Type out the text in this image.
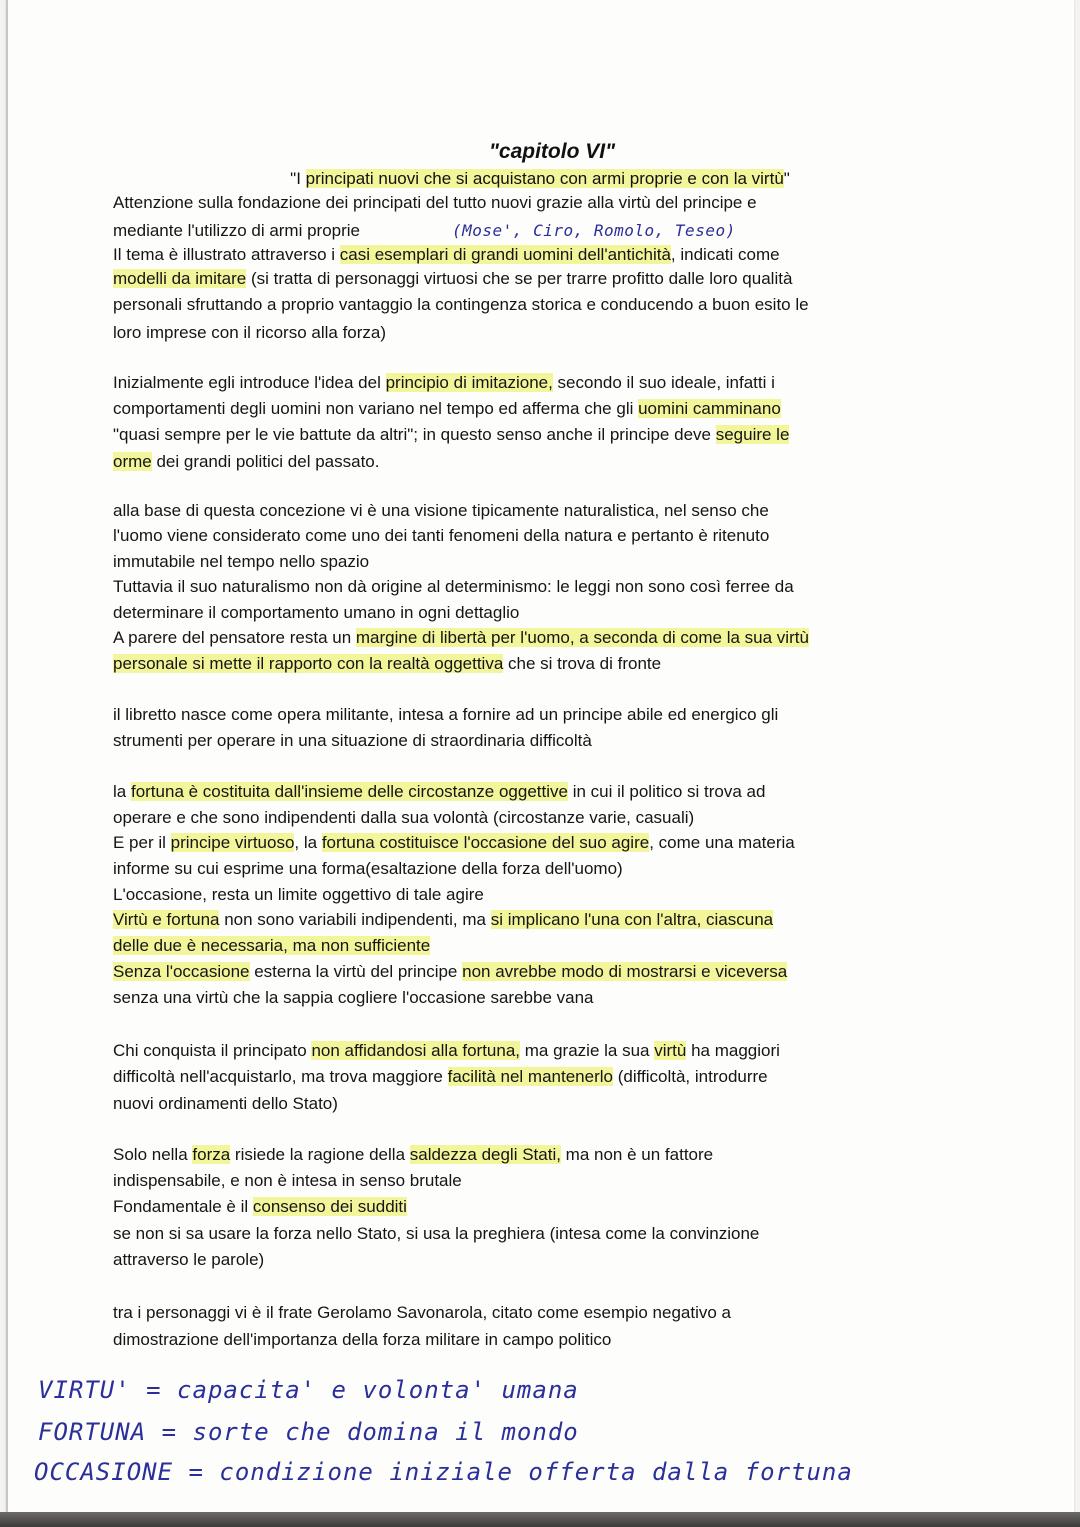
"capitolo VI"
"I principati nuovi che si acquistano con armi proprie e con la virtù"
Attenzione sulla fondazione dei principati del tutto nuovi grazie alla virtù del principe e
mediante l'utilizzo di armi proprie	(Mose', Ciro, Romolo, Teseo)
Il tema è illustrato attraverso i casi esemplari di grandi uomini dell'antichità, indicati come
modelli da imitare (si tratta di personaggi virtuosi che se per trarre profitto dalle loro qualità
personali sfruttando a proprio vantaggio la contingenza storica e conducendo a buon esito le
loro imprese con il ricorso alla forza)
Inizialmente egli introduce l'idea del principio di imitazione, secondo il suo ideale, infatti i
comportamenti degli uomini non variano nel tempo ed afferma che gli uomini camminano
"quasi sempre per le vie battute da altri"; in questo senso anche il principe deve seguire le
orme dei grandi politici del passato.
alla base di questa concezione vi è una visione tipicamente naturalistica, nel senso che
l'uomo viene considerato come uno dei tanti fenomeni della natura e pertanto è ritenuto
immutabile nel tempo nello spazio
Tuttavia il suo naturalismo non dà origine al determinismo: le leggi non sono così ferree da
determinare il comportamento umano in ogni dettaglio
A parere del pensatore resta un margine di libertà per l'uomo, a seconda di come la sua virtù
personale si mette il rapporto con la realtà oggettiva che si trova di fronte
il libretto nasce come opera militante, intesa a fornire ad un principe abile ed energico gli
strumenti per operare in una situazione di straordinaria difficoltà
la fortuna è costituita dall'insieme delle circostanze oggettive in cui il politico si trova ad
operare e che sono indipendenti dalla sua volontà (circostanze varie, casuali)
E per il principe virtuoso, la fortuna costituisce l'occasione del suo agire, come una materia
informe su cui esprime una forma(esaltazione della forza dell'uomo)
L'occasione, resta un limite oggettivo di tale agire
Virtù e fortuna non sono variabili indipendenti, ma si implicano l'una con l'altra, ciascuna
delle due è necessaria, ma non sufficiente
Senza l'occasione esterna la virtù del principe non avrebbe modo di mostrarsi e viceversa
senza una virtù che la sappia cogliere l'occasione sarebbe vana
Chi conquista il principato non affidandosi alla fortuna, ma grazie la sua virtù ha maggiori
difficoltà nell'acquistarlo, ma trova maggiore facilità nel mantenerlo (difficoltà, introdurre
nuovi ordinamenti dello Stato)
Solo nella forza risiede la ragione della saldezza degli Stati, ma non è un fattore
indispensabile, e non è intesa in senso brutale
Fondamentale è il consenso dei sudditi
se non si sa usare la forza nello Stato, si usa la preghiera (intesa come la convinzione
attraverso le parole)
tra i personaggi vi è il frate Gerolamo Savonarola, citato come esempio negativo a
dimostrazione dell'importanza della forza militare in campo politico
VIRTU' = capacita' e volonta' umana
FORTUNA = sorte che domina il mondo
OCCASIONE = condizione iniziale offerta dalla fortuna
